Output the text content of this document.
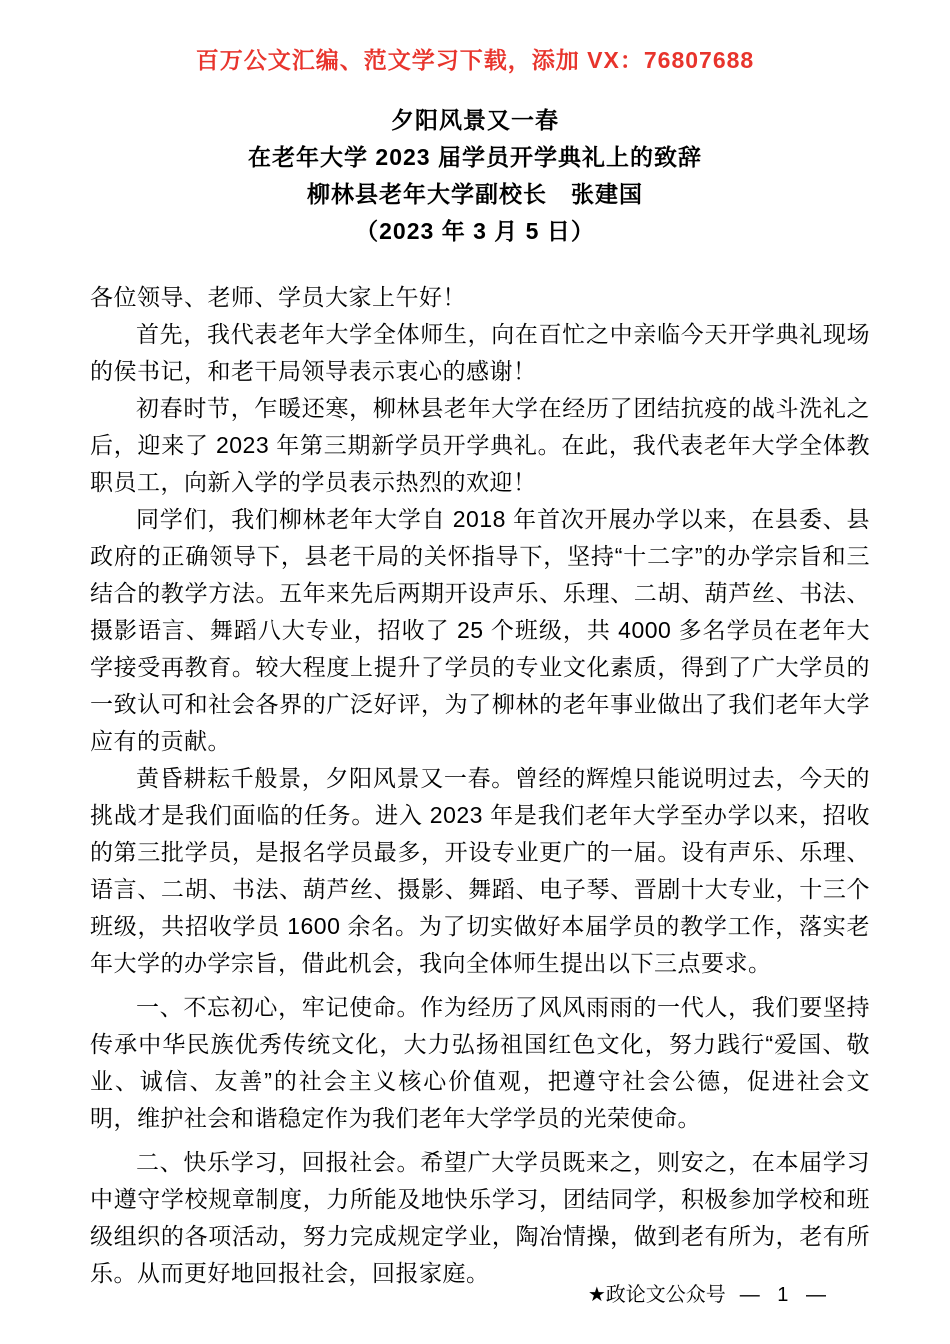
百万公文汇编、范文学习下载，添加 VX：76807688
夕阳风景又一春
在老年大学 2023 届学员开学典礼上的致辞
柳林县老年大学副校长　张建国
（2023 年 3 月 5 日）

各位领导、老师、学员大家上午好！

首先，我代表老年大学全体师生，向在百忙之中亲临今天开学典礼现场的侯书记，和老干局领导表示衷心的感谢！

初春时节，乍暖还寒，柳林县老年大学在经历了团结抗疫的战斗洗礼之后，迎来了 2023 年第三期新学员开学典礼。在此，我代表老年大学全体教职员工，向新入学的学员表示热烈的欢迎！

同学们，我们柳林老年大学自 2018 年首次开展办学以来，在县委、县政府的正确领导下，县老干局的关怀指导下，坚持“十二字”的办学宗旨和三结合的教学方法。五年来先后两期开设声乐、乐理、二胡、葫芦丝、书法、摄影语言、舞蹈八大专业，招收了 25 个班级，共 4000 多名学员在老年大学接受再教育。较大程度上提升了学员的专业文化素质，得到了广大学员的一致认可和社会各界的广泛好评，为了柳林的老年事业做出了我们老年大学应有的贡献。

黄昏耕耘千般景，夕阳风景又一春。曾经的辉煌只能说明过去，今天的挑战才是我们面临的任务。进入 2023 年是我们老年大学至办学以来，招收的第三批学员，是报名学员最多，开设专业更广的一届。设有声乐、乐理、语言、二胡、书法、葫芦丝、摄影、舞蹈、电子琴、晋剧十大专业，十三个班级，共招收学员 1600 余名。为了切实做好本届学员的教学工作，落实老年大学的办学宗旨，借此机会，我向全体师生提出以下三点要求。

一、不忘初心，牢记使命。作为经历了风风雨雨的一代人，我们要坚持传承中华民族优秀传统文化，大力弘扬祖国红色文化，努力践行“爱国、敬业、诚信、友善”的社会主义核心价值观，把遵守社会公德，促进社会文明，维护社会和谐稳定作为我们老年大学学员的光荣使命。

二、快乐学习，回报社会。希望广大学员既来之，则安之，在本届学习中遵守学校规章制度，力所能及地快乐学习，团结同学，积极参加学校和班级组织的各项活动，努力完成规定学业，陶冶情操，做到老有所为，老有所乐。从而更好地回报社会，回报家庭。

★政论文公众号 — 1 —
